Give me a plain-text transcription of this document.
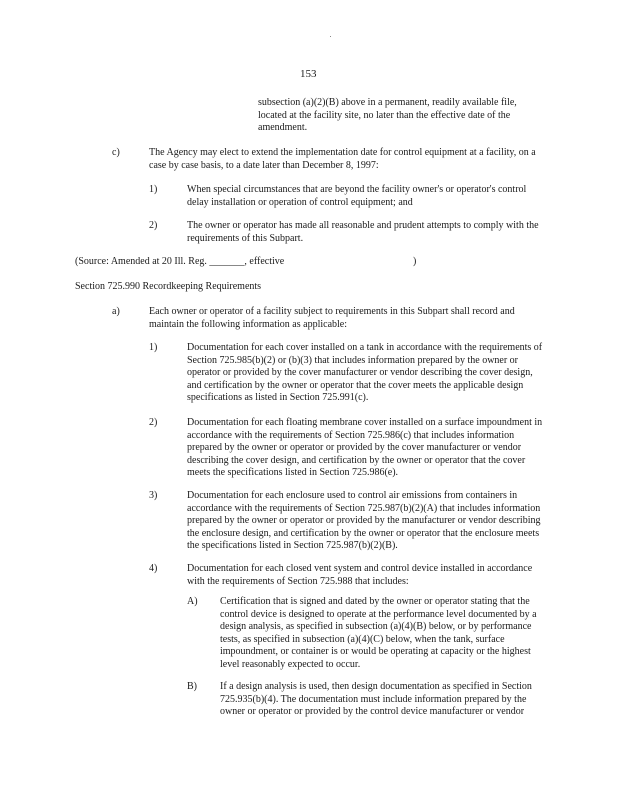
153

subsection (a)(2)(B) above in a permanent, readily available file, located at the facility site, no later than the effective date of the amendment.

c)	The Agency may elect to extend the implementation date for control equipment at a facility, on a case by case basis, to a date later than December 8, 1997:

1)	When special circumstances that are beyond the facility owner's or operator's control delay installation or operation of control equipment; and

2)	The owner or operator has made all reasonable and prudent attempts to comply with the requirements of this Subpart.

(Source: Amended at 20 Ill. Reg. _______, effective	)
Section 725.990 Recordkeeping Requirements
a)	Each owner or operator of a facility subject to requirements in this Subpart shall record and maintain the following information as applicable:

1)	Documentation for each cover installed on a tank in accordance with the requirements of Section 725.985(b)(2) or (b)(3) that includes information prepared by the owner or operator or provided by the cover manufacturer or vendor describing the cover design, and certification by the owner or operator that the cover meets the applicable design specifications as listed in Section 725.991(c).

2)	Documentation for each floating membrane cover installed on a surface impoundment in accordance with the requirements of Section 725.986(c) that includes information prepared by the owner or operator or provided by the cover manufacturer or vendor describing the cover design, and certification by the owner or operator that the cover meets the specifications listed in Section 725.986(e).

3)	Documentation for each enclosure used to control air emissions from containers in accordance with the requirements of Section 725.987(b)(2)(A) that includes information prepared by the owner or operator or provided by the manufacturer or vendor describing the enclosure design, and certification by the owner or operator that the enclosure meets the specifications listed in Section 725.987(b)(2)(B).

4)	Documentation for each closed vent system and control device installed in accordance with the requirements of Section 725.988 that includes:

A) Certification that is signed and dated by the owner or operator stating that the control device is designed to operate at the performance level documented by a design analysis, as specified in subsection (a)(4)(B) below, or by performance tests, as specified in subsection (a)(4)(C) below, when the tank, surface impoundment, or container is or would be operating at capacity or the highest level reasonably expected to occur.

B) If a design analysis is used, then design documentation as specified in Section 725.935(b)(4). The documentation must include information prepared by the owner or operator or provided by the control device manufacturer or vendor
